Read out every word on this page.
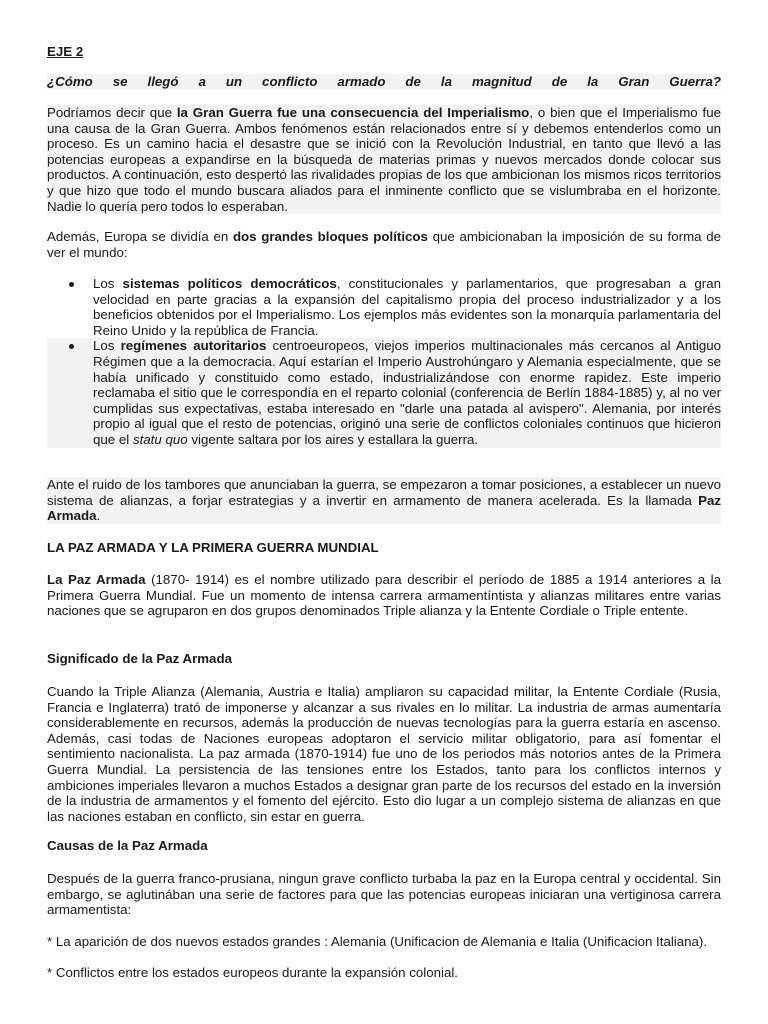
EJE 2

¿Cómo se llegó a un conflicto armado de la magnitud de la Gran Guerra?

Podríamos decir que la Gran Guerra fue una consecuencia del Imperialismo, o bien que el Imperialismo fue una causa de la Gran Guerra. Ambos fenómenos están relacionados entre sí y debemos entenderlos como un proceso. Es un camino hacia el desastre que se inició con la Revolución Industrial, en tanto que llevó a las potencias europeas a expandirse en la búsqueda de materias primas y nuevos mercados donde colocar sus productos. A continuación, esto despertó las rivalidades propias de los que ambicionan los mismos ricos territorios y que hizo que todo el mundo buscara aliados para el inminente conflicto que se vislumbraba en el horizonte. Nadie lo quería pero todos lo esperaban.

Además, Europa se dividía en dos grandes bloques políticos que ambicionaban la imposición de su forma de ver el mundo:

Los sistemas políticos democráticos, constitucionales y parlamentarios, que progresaban a gran velocidad en parte gracias a la expansión del capitalismo propia del proceso industrializador y a los beneficios obtenidos por el Imperialismo. Los ejemplos más evidentes son la monarquía parlamentaria del Reino Unido y la república de Francia.
Los regímenes autoritarios centroeuropeos, viejos imperios multinacionales más cercanos al Antiguo Régimen que a la democracia. Aquí estarían el Imperio Austrohúngaro y Alemania especialmente, que se había unificado y constituido como estado, industrializándose con enorme rapidez. Este imperio reclamaba el sitio que le correspondía en el reparto colonial (conferencia de Berlín 1884-1885) y, al no ver cumplidas sus expectativas, estaba interesado en "darle una patada al avispero". Alemania, por interés propio al igual que el resto de potencias, originó una serie de conflictos coloniales continuos que hicieron que el statu quo vigente saltara por los aires y estallara la guerra.

Ante el ruido de los tambores que anunciaban la guerra, se empezaron a tomar posiciones, a establecer un nuevo sistema de alianzas, a forjar estrategias y a invertir en armamento de manera acelerada. Es la llamada Paz Armada.

LA PAZ ARMADA Y LA PRIMERA GUERRA MUNDIAL

La Paz Armada (1870- 1914) es el nombre utilizado para describir el período de 1885 a 1914 anteriores a la Primera Guerra Mundial. Fue un momento de intensa carrera armamentíntista y alianzas militares entre varias naciones que se agruparon en dos grupos denominados Triple alianza y la Entente Cordiale o Triple entente.

Significado de la Paz Armada

Cuando la Triple Alianza (Alemania, Austria e Italia) ampliaron su capacidad militar, la Entente Cordiale (Rusia, Francia e Inglaterra) trató de imponerse y alcanzar a sus rivales en lo militar. La industria de armas aumentaría considerablemente en recursos, además la producción de nuevas tecnologías para la guerra estaría en ascenso. Además, casi todas de Naciones europeas adoptaron el servicio militar obligatorio, para así fomentar el sentimiento nacionalista. La paz armada (1870-1914) fue uno de los periodos más notorios antes de la Primera Guerra Mundial. La persistencia de las tensiones entre los Estados, tanto para los conflictos internos y ambiciones imperiales llevaron a muchos Estados a designar gran parte de los recursos del estado en la inversión de la industria de armamentos y el fomento del ejército. Esto dio lugar a un complejo sistema de alianzas en que las naciones estaban en conflicto, sin estar en guerra.

Causas de la Paz Armada

Después de la guerra franco-prusiana, ningun grave conflicto turbaba la paz en la Europa central y occidental. Sin embargo, se aglutinában una serie de factores para que las potencias europeas iniciaran una vertiginosa carrera armamentista:

* La aparición de dos nuevos estados grandes : Alemania (Unificacion de Alemania e Italia (Unificacion Italiana).

* Conflictos entre los estados europeos durante la expansión colonial.
